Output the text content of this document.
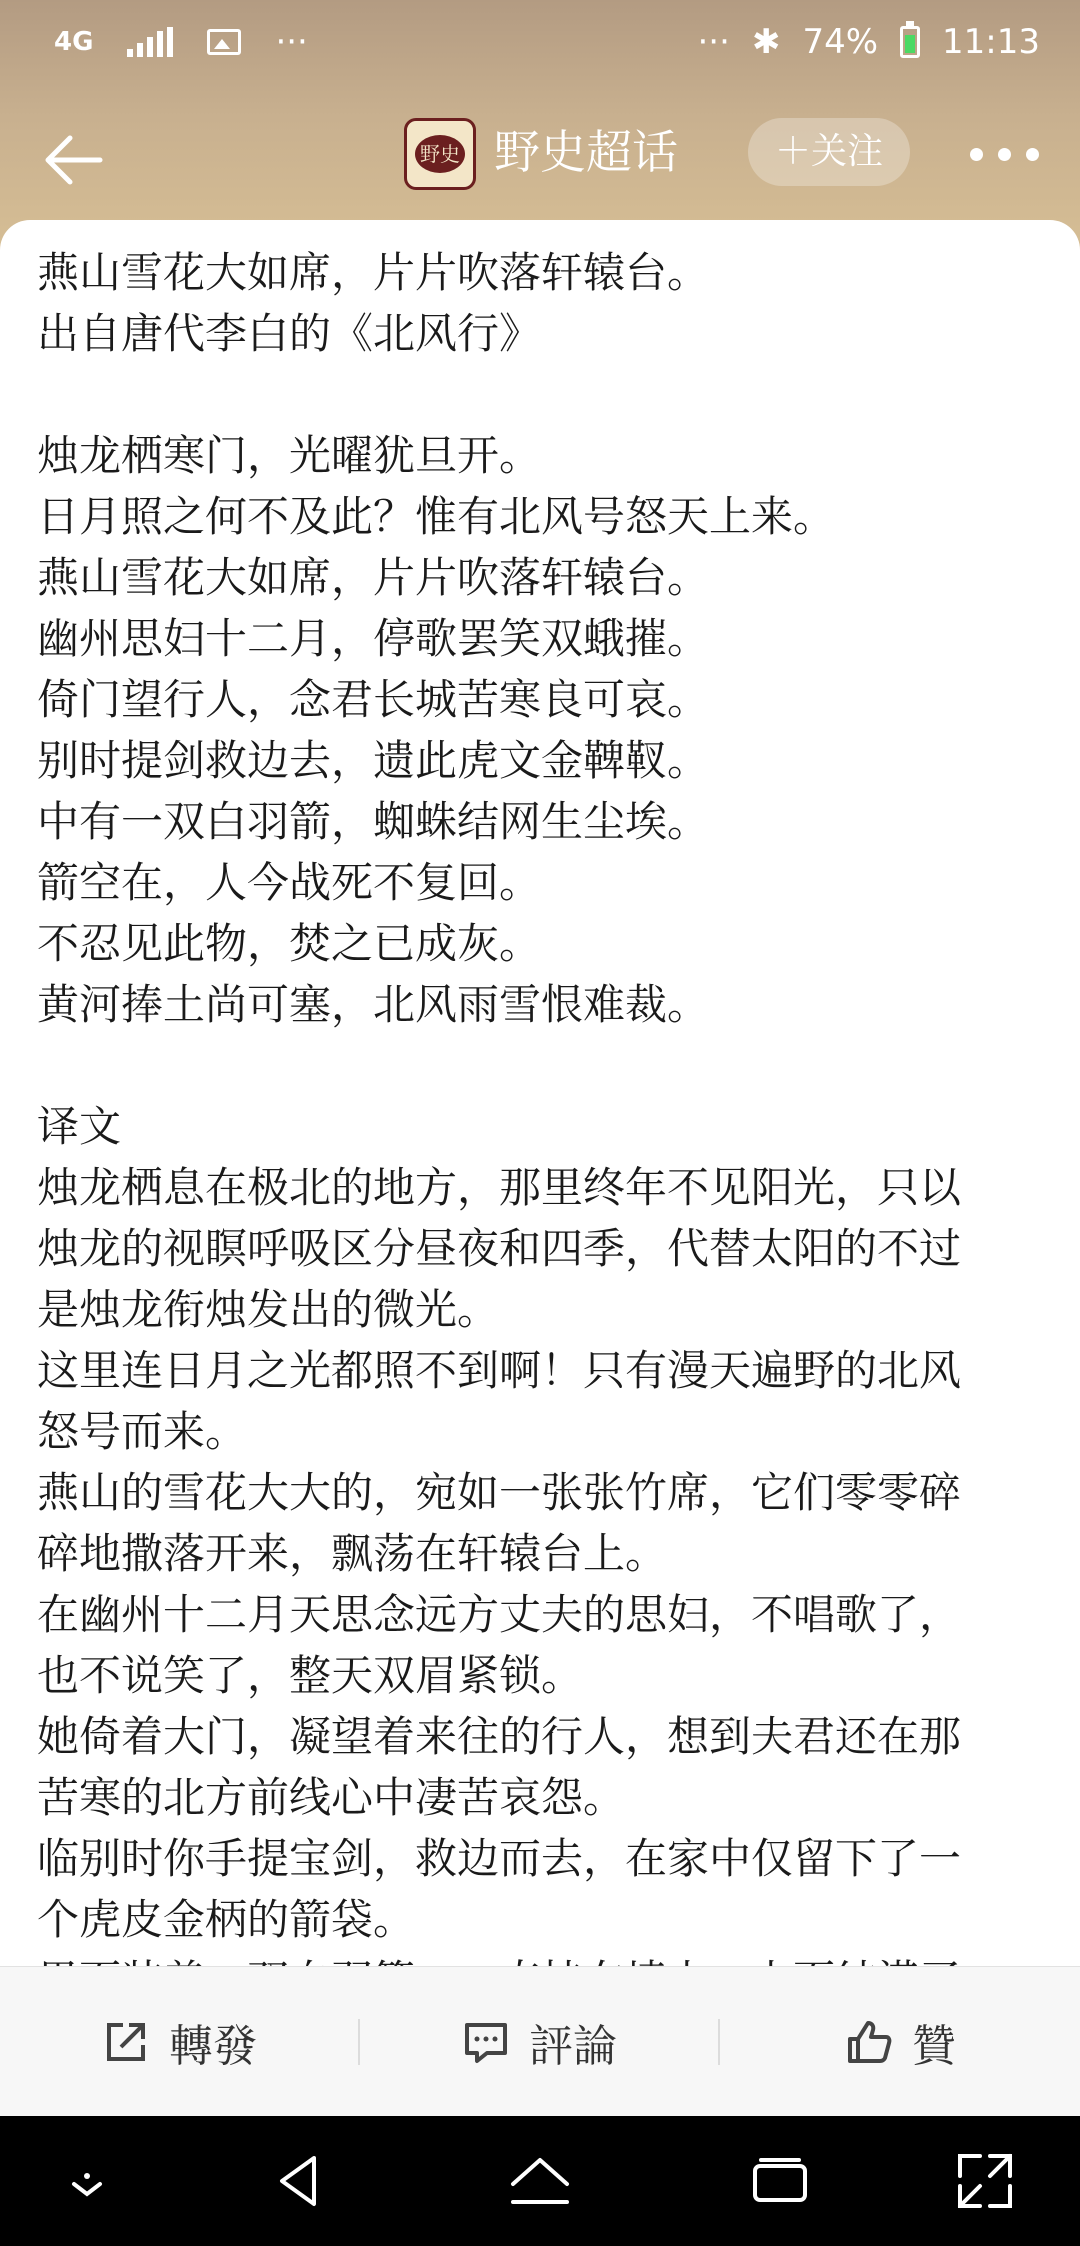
4G	···	··· ✱ 74% 11:13
野史 野史超话	＋关注
燕山雪花大如席，片片吹落轩辕台。
出自唐代李白的《北风行》
烛龙栖寒门，光曜犹旦开。
日月照之何不及此？惟有北风号怒天上来。
燕山雪花大如席，片片吹落轩辕台。
幽州思妇十二月，停歌罢笑双蛾摧。
倚门望行人，念君长城苦寒良可哀。
别时提剑救边去，遗此虎文金鞞靫。
中有一双白羽箭，蜘蛛结网生尘埃。
箭空在，人今战死不复回。
不忍见此物，焚之已成灰。
黄河捧土尚可塞，北风雨雪恨难裁。
译文
烛龙栖息在极北的地方，那里终年不见阳光，只以
烛龙的视瞑呼吸区分昼夜和四季，代替太阳的不过
是烛龙衔烛发出的微光。
这里连日月之光都照不到啊！只有漫天遍野的北风
怒号而来。
燕山的雪花大大的，宛如一张张竹席，它们零零碎
碎地撒落开来，飘荡在轩辕台上。
在幽州十二月天思念远方丈夫的思妇，不唱歌了，
也不说笑了，整天双眉紧锁。
她倚着大门，凝望着来往的行人，想到夫君还在那
苦寒的北方前线心中凄苦哀怨。
临别时你手提宝剑，救边而去，在家中仅留下了一
个虎皮金柄的箭袋。
轉發	評論	贊
